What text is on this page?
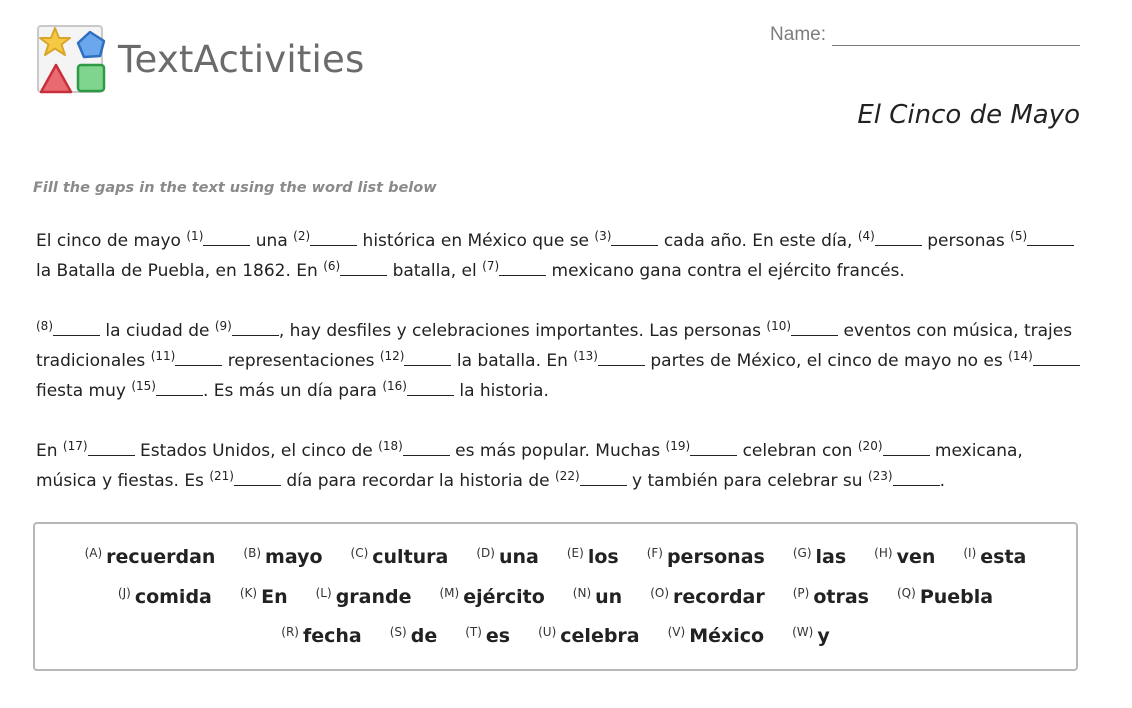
TextActivities
Name:
El Cinco de Mayo
Fill the gaps in the text using the word list below

El cinco de mayo $^{(1)}$	una $^{(2)}$	histórica en México que se $^{(3)}$	cada año. En este día, $^{(4)}$	personas $^{(5)}$ la Batalla de Puebla, en 1862. En $^{(6)}$	batalla, el $^{(7)}$	mexicano gana contra el ejército francés.

$^{(8)}$	la ciudad de $^{(9)}$	, hay desfiles y celebraciones importantes. Las personas $^{(10)}$	eventos con música, trajes tradicionales $^{(11)}$	representaciones $^{(12)}$	la batalla. En $^{(13)}$	partes de México, el cinco de mayo no es $^{(14)}$ fiesta muy $^{(15)}$	. Es más un día para $^{(16)}$	la historia.

En $^{(17)}$	Estados Unidos, el cinco de $^{(18)}$	es más popular. Muchas $^{(19)}$	celebran con $^{(20)}$	mexicana, música y fiestas. Es $^{(21)}$	día para recordar la historia de $^{(22)}$	y también para celebrar su $^{(23)}$	.

$^{(A)}$ recuerdan $^{(B)}$ mayo $^{(C)}$ cultura $^{(D)}$ una $^{(E)}$ los $^{(F)}$ personas $^{(G)}$ las $^{(H)}$ ven $^{(I)}$ esta
$^{(J)}$ comida $^{(K)}$ En $^{(L)}$ grande $^{(M)}$ ejército $^{(N)}$ un $^{(O)}$ recordar $^{(P)}$ otras $^{(Q)}$ Puebla
$^{(R)}$ fecha $^{(S)}$ de $^{(T)}$ es $^{(U)}$ celebra $^{(V)}$ México $^{(W)}$ y
